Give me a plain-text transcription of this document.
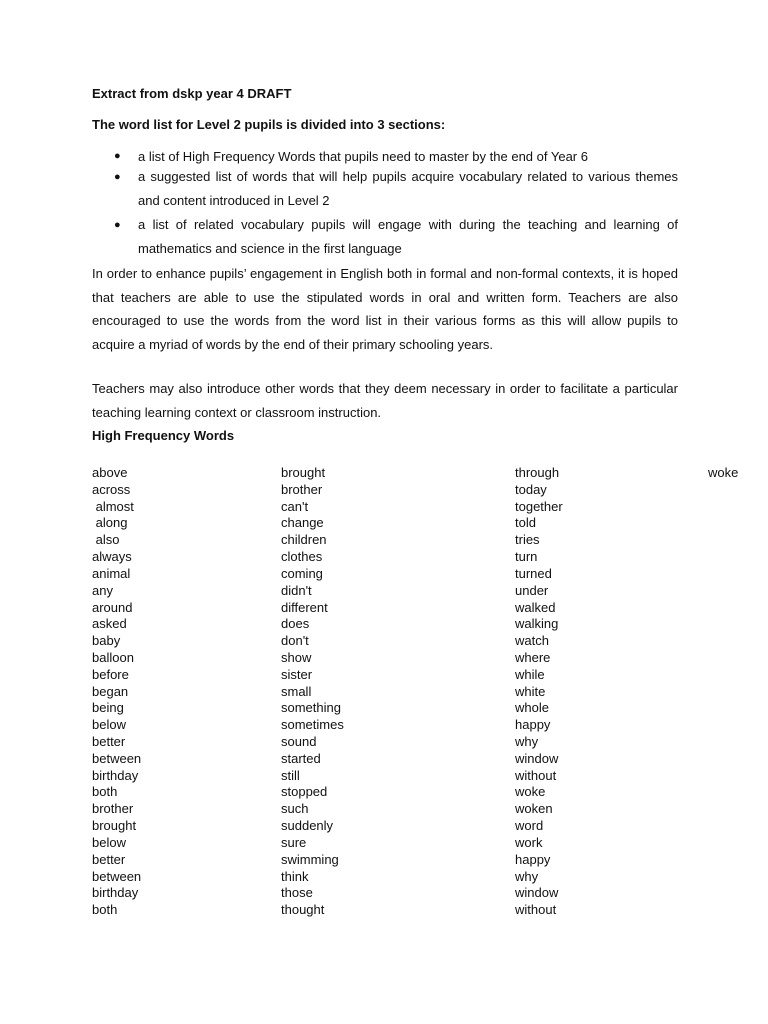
Extract from dskp year 4 DRAFT
The word list for Level 2 pupils is divided into 3 sections:
● a list of High Frequency Words that pupils need to master by the end of Year 6
● a suggested list of words that will help pupils acquire vocabulary related to various themes and content introduced in Level 2
● a list of related vocabulary pupils will engage with during the teaching and learning of mathematics and science in the first language

In order to enhance pupils’ engagement in English both in formal and non-formal contexts, it is hoped that teachers are able to use the stipulated words in oral and written form. Teachers are also encouraged to use the words from the word list in their various forms as this will allow pupils to acquire a myriad of words by the end of their primary schooling years.

Teachers may also introduce other words that they deem necessary in order to facilitate a particular teaching learning context or classroom instruction.

High Frequency Words
above
across
almost
along
also
always
animal
any
around
asked
baby
balloon
before
began
being
below
better
between
birthday
both
brother
brought
below
better
between
birthday
both
brought
brother
can't
change
children
clothes
coming
didn't
different
does
don't
show
sister
small
something
sometimes
sound
started
still
stopped
such
suddenly
sure
swimming
think
those
thought
through
today
together
told
tries
turn
turned
under
walked
walking
watch
where
while
white
whole
happy
why
window
without
woke
woken
word
work
happy
why
window
without
woke
